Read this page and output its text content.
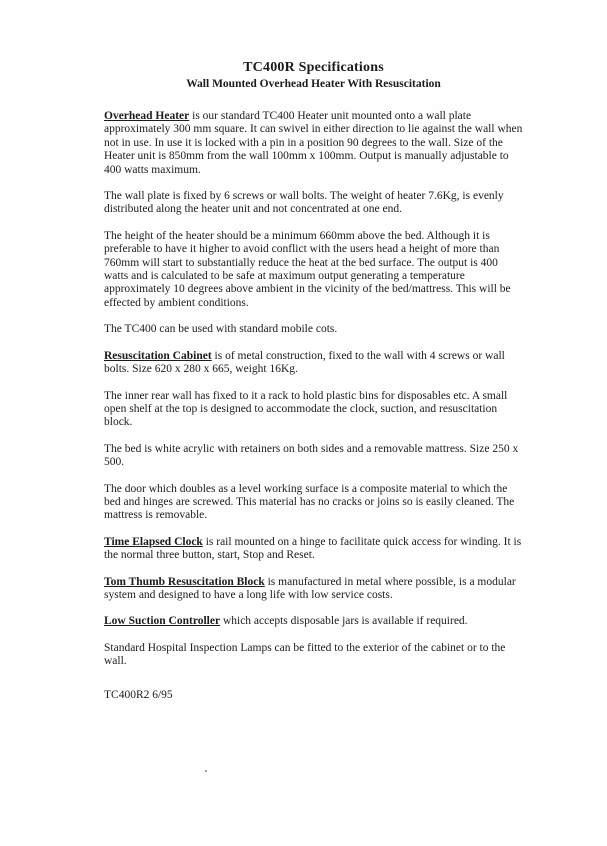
TC400R Specifications
Wall Mounted Overhead Heater With Resuscitation

Overhead Heater is our standard TC400 Heater unit mounted onto a wall plate approximately 300 mm square. It can swivel in either direction to lie against the wall when not in use. In use it is locked with a pin in a position 90 degrees to the wall. Size of the Heater unit is 850mm from the wall 100mm x 100mm. Output is manually adjustable to 400 watts maximum.

The wall plate is fixed by 6 screws or wall bolts. The weight of heater 7.6Kg, is evenly distributed along the heater unit and not concentrated at one end.

The height of the heater should be a minimum 660mm above the bed. Although it is preferable to have it higher to avoid conflict with the users head a height of more than 760mm will start to substantially reduce the heat at the bed surface. The output is 400 watts and is calculated to be safe at maximum output generating a temperature approximately 10 degrees above ambient in the vicinity of the bed/mattress. This will be effected by ambient conditions.

The TC400 can be used with standard mobile cots.

Resuscitation Cabinet is of metal construction, fixed to the wall with 4 screws or wall bolts. Size 620 x 280 x 665, weight 16Kg.

The inner rear wall has fixed to it a rack to hold plastic bins for disposables etc. A small open shelf at the top is designed to accommodate the clock, suction, and resuscitation block.

The bed is white acrylic with retainers on both sides and a removable mattress. Size 250 x 500.

The door which doubles as a level working surface is a composite material to which the bed and hinges are screwed. This material has no cracks or joins so is easily cleaned. The mattress is removable.

Time Elapsed Clock is rail mounted on a hinge to facilitate quick access for winding. It is the normal three button, start, Stop and Reset.

Tom Thumb Resuscitation Block is manufactured in metal where possible, is a modular system and designed to have a long life with low service costs.

Low Suction Controller which accepts disposable jars is available if required.

Standard Hospital Inspection Lamps can be fitted to the exterior of the cabinet or to the wall.

TC400R2 6/95
